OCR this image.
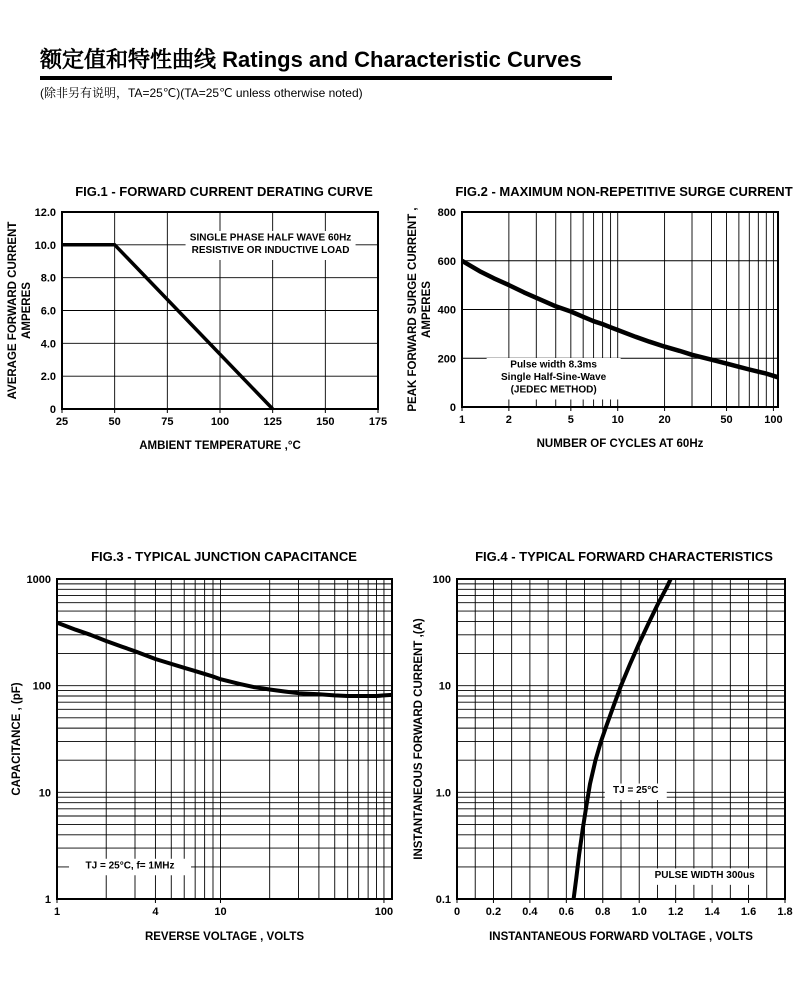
额定值和特性曲线 Ratings and Characteristic Curves
(除非另有说明，TA=25℃)(TA=25℃ unless otherwise noted)
FIG.1 - FORWARD CURRENT DERATING CURVE
25	50	75	100	125	150	175
0
2.0
4.0
6.0
8.0
10.0
12.0
AMBIENT TEMPERATURE ,°C
AVERAGE FORWARD CURRENT AMPERES
SINGLE PHASE HALF WAVE 60Hz
RESISTIVE OR INDUCTIVE LOAD
FIG.2 - MAXIMUM NON-REPETITIVE SURGE CURRENT
1	2	5	10	20	50	100
0
200
400
600
800
NUMBER OF CYCLES AT 60Hz
PEAK FORWARD SURGE CURRENT , AMPERES
Pulse width 8.3ms
Single Half-Sine-Wave
(JEDEC METHOD)
FIG.3 - TYPICAL JUNCTION CAPACITANCE
1	4	10	100
1
10
100
1000
REVERSE VOLTAGE , VOLTS
CAPACITANCE , (pF)
TJ = 25°C, f= 1MHz
FIG.4 - TYPICAL FORWARD CHARACTERISTICS
0 0.2 0.4 0.6 0.8 1.0 1.2 1.4 1.6 1.8
0.1
1.0
10
100
INSTANTANEOUS FORWARD VOLTAGE , VOLTS
INSTANTANEOUS FORWARD CURRENT ,(A)	TJ = 25°C
PULSE WIDTH 300us
